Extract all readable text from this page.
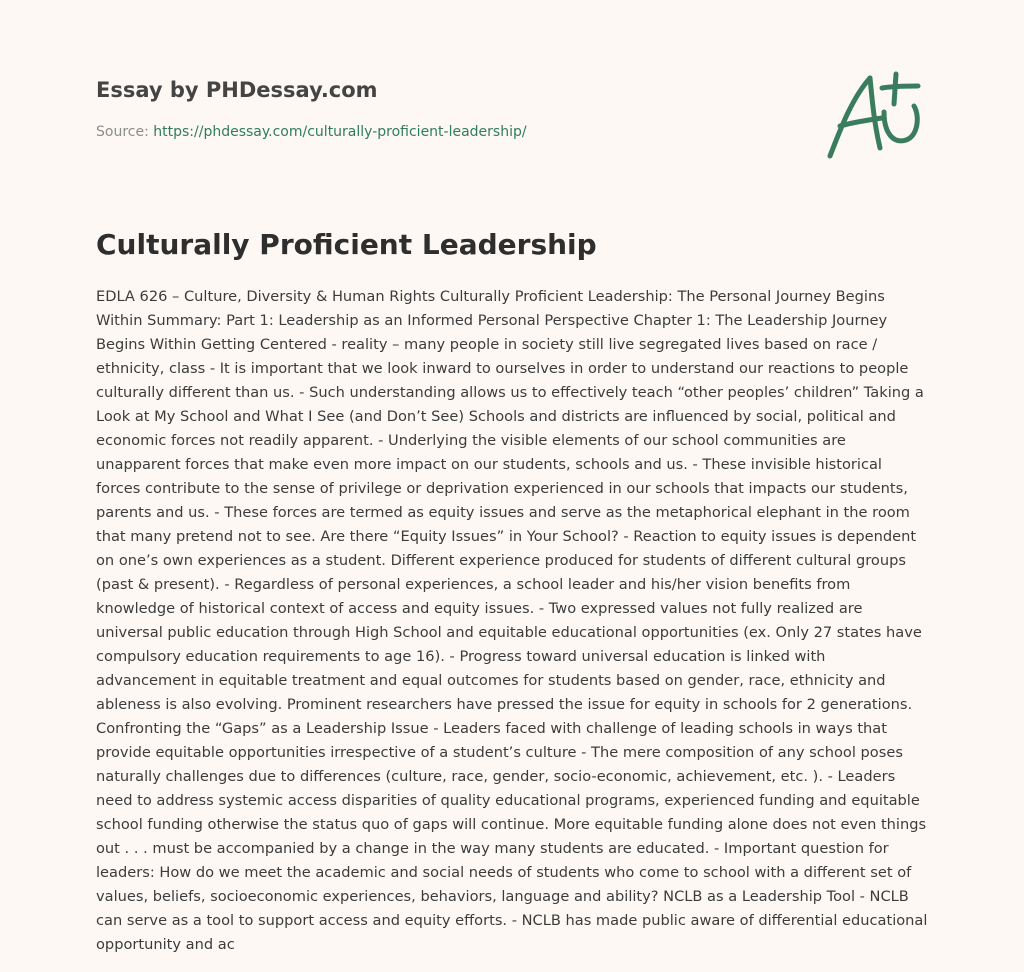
Essay by PHDessay.com

Source: https://phdessay.com/culturally-proficient-leadership/
Culturally Proficient Leadership

EDLA 626 – Culture, Diversity & Human Rights Culturally Proficient Leadership: The Personal Journey Begins Within Summary: Part 1: Leadership as an Informed Personal Perspective Chapter 1: The Leadership Journey Begins Within Getting Centered - reality – many people in society still live segregated lives based on race / ethnicity, class - It is important that we look inward to ourselves in order to understand our reactions to people culturally different than us. - Such understanding allows us to effectively teach “other peoples’ children” Taking a Look at My School and What I See (and Don’t See) Schools and districts are influenced by social, political and economic forces not readily apparent. - Underlying the visible elements of our school communities are unapparent forces that make even more impact on our students, schools and us. - These invisible historical forces contribute to the sense of privilege or deprivation experienced in our schools that impacts our students, parents and us. - These forces are termed as equity issues and serve as the metaphorical elephant in the room that many pretend not to see. Are there “Equity Issues” in Your School? - Reaction to equity issues is dependent on one’s own experiences as a student. Different experience produced for students of different cultural groups (past & present). - Regardless of personal experiences, a school leader and his/her vision benefits from knowledge of historical context of access and equity issues. - Two expressed values not fully realized are universal public education through High School and equitable educational opportunities (ex. Only 27 states have compulsory education requirements to age 16). - Progress toward universal education is linked with advancement in equitable treatment and equal outcomes for students based on gender, race, ethnicity and ableness is also evolving. Prominent researchers have pressed the issue for equity in schools for 2 generations. Confronting the “Gaps” as a Leadership Issue - Leaders faced with challenge of leading schools in ways that provide equitable opportunities irrespective of a student’s culture - The mere composition of any school poses naturally challenges due to differences (culture, race, gender, socio-economic, achievement, etc. ). - Leaders need to address systemic access disparities of quality educational programs, experienced funding and equitable school funding otherwise the status quo of gaps will continue. More equitable funding alone does not even things out . . . must be accompanied by a change in the way many students are educated. - Important question for leaders: How do we meet the academic and social needs of students who come to school with a different set of values, beliefs, socioeconomic experiences, behaviors, language and ability? NCLB as a Leadership Tool - NCLB can serve as a tool to support access and equity efforts. - NCLB has made public aware of differential educational opportunity and ac
